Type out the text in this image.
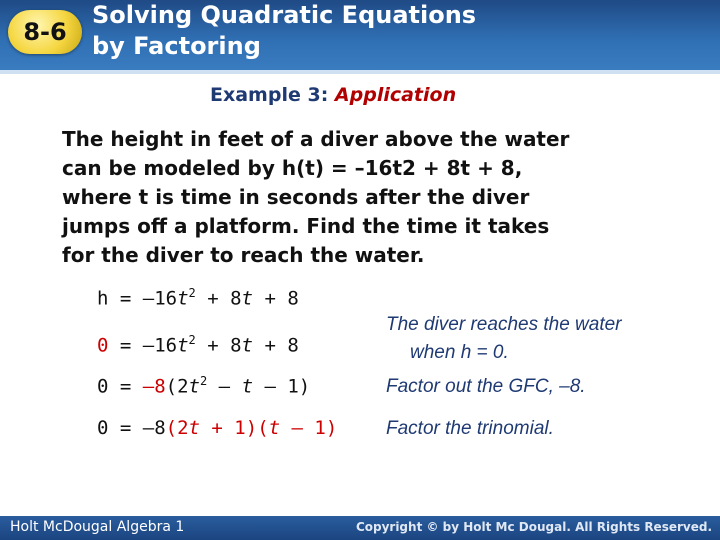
8-6
Solving Quadratic Equations
by Factoring
Example 3: Application
The height in feet of a diver above the water
can be modeled by h(t) = –16t2 + 8t + 8,
where t is time in seconds after the diver
jumps off a platform. Find the time it takes
for the diver to reach the water.
$h = -16t^2 + 8t + 8$
$0 = -16t^2 + 8t + 8$
The diver reaches the water
when h = 0.
$0 = -8(2t^2 - t - 1)$	Factor out the GFC, –8.
0 = –8(2t + 1)(t – 1)	Factor the trinomial.
Holt McDougal Algebra 1	Copyright © by Holt Mc Dougal. All Rights Reserved.
